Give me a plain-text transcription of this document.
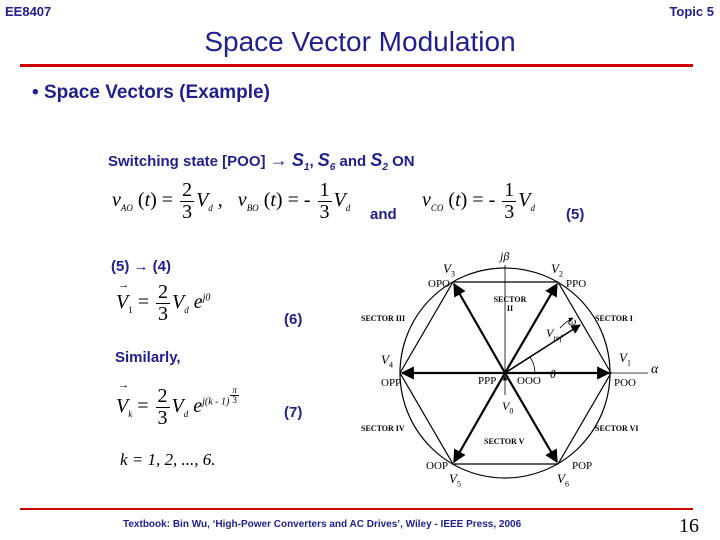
EE8407	Topic 5
Space Vector Modulation
• Space Vectors (Example)
Switching state $[POO] \to S_1$, $S_6$ and $S_2$ ON
$v_{AO}$ $(t) = \frac{2}{3} V_d$ ,   $v_{BO}$ (t) = - $\frac{1}{3} V_d$ and
$v_{CO}$ (t) = - $\frac{1}{3} V_d$ (5)
(5) → (4)
→
$V_1 = \frac{2}{3} V_d$ $e^{j0}$
(6)
Similarly,
→
$V_k = \frac{2}{3} V_d$ $e^{j(k - 1)} \frac{\pi}{3}$
(7)
k = 1, 2, ..., 6.
jβ
α
$V_2$
PPO
$V_3$
OPO
$V_1$
POO
$V_4$
OPP
OOP
$V_5$
POP
$V_6$
SECTOR I
SECTOR
II
SECTOR III
SECTOR IV
SECTOR V
SECTOR VI
PPP OOO
$V_0$
$V_{ref}$
θ
ω
Textbook: Bin Wu, ‘High-Power Converters and AC Drives’, Wiley - IEEE Press, 2006	16
